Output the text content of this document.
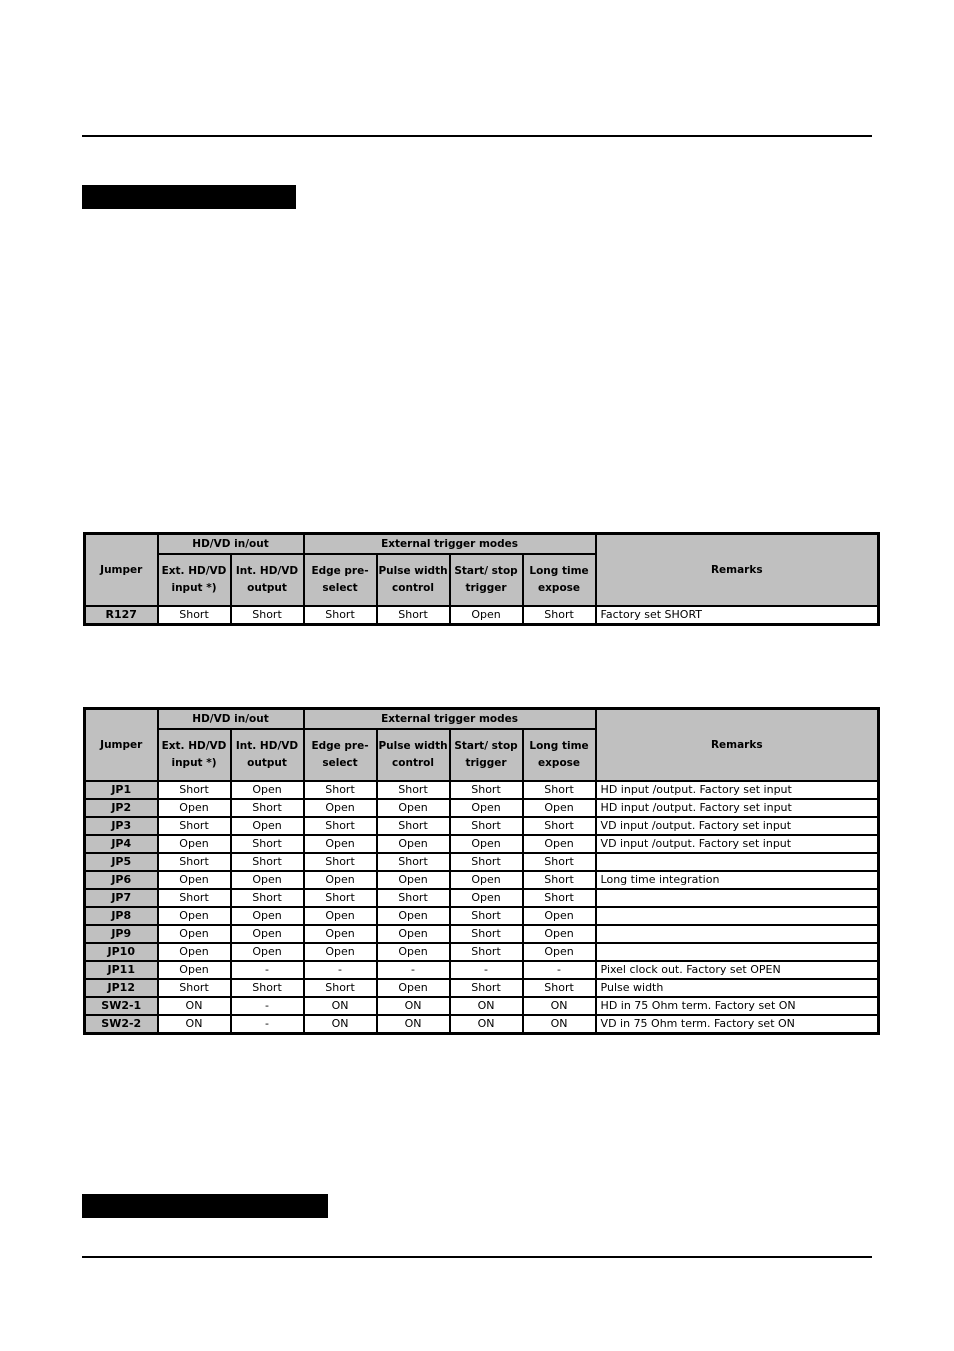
Jumper	HD/VD in/out		External trigger modes				Remarks
	Ext. HD/VD input *)	Int. HD/VD output	Edge pre-select	Pulse width control	Start/ stop trigger	Long time expose	
R127	Short	Short	Short	Short	Open	Short	Factory set SHORT
Jumper	HD/VD in/out		External trigger modes				Remarks
	Ext. HD/VD input *)	Int. HD/VD output	Edge pre-select	Pulse width control	Start/ stop trigger	Long time expose	
JP1	Short	Open	Short	Short	Short	Short	HD input /output. Factory set input
JP2	Open	Short	Open	Open	Open	Open	HD input /output. Factory set input
JP3	Short	Open	Short	Short	Short	Short	VD input /output. Factory set input
JP4	Open	Short	Open	Open	Open	Open	VD input /output. Factory set input
JP5	Short	Short	Short	Short	Short	Short	
JP6	Open	Open	Open	Open	Open	Short	Long time integration
JP7	Short	Short	Short	Short	Open	Short	
JP8	Open	Open	Open	Open	Short	Open	
JP9	Open	Open	Open	Open	Short	Open	
JP10	Open	Open	Open	Open	Short	Open	
JP11	Open	-	-	-	-	-	Pixel clock out. Factory set OPEN
JP12	Short	Short	Short	Open	Short	Short	Pulse width
SW2-1	ON	-	ON	ON	ON	ON	HD in 75 Ohm term. Factory set ON
SW2-2	ON	-	ON	ON	ON	ON	VD in 75 Ohm term. Factory set ON
